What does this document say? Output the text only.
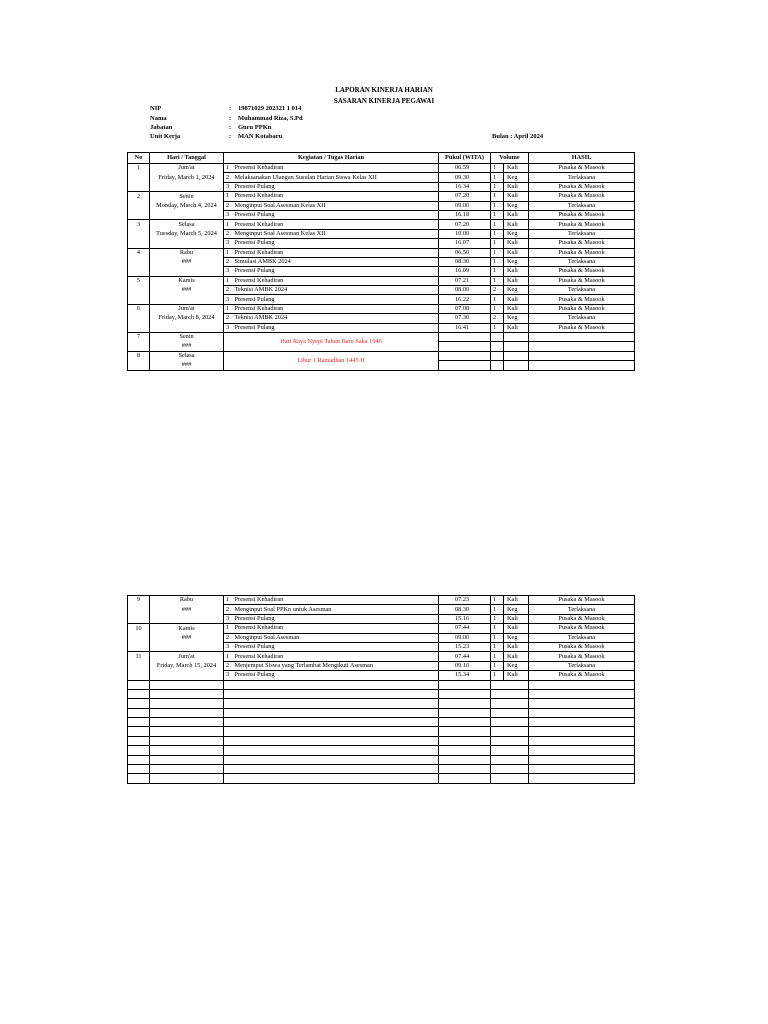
LAPORAN KINERJA HARIAN
SASARAN KINERJA PEGAWAI
NIP	: 19871029 202321 1 014
Nama	: Muhammad Riza, S.Pd
Jabatan	: Guru PPKn
Unit Kerja	: MAN Kotabaru	Bulan : April 2024
No	Hari / Tanggal	Kegiatan / Tugas Harian		Pukul (WITA)	Volume		HASIL
1	Jum'at	1	Presensi Kehadiran	06.59	1	Kali	Pusaka & Masook
	Friday, March 1, 2024	2	Melaksanakan Ulangan Susulan Harian Siswa Kelas XII	09.30	1	Keg	Terlaksana
		3	Presensi Pulang	16.34	1	Kali	Pusaka & Masook
2	Senin	1	Presensi Kehadiran	07.20	1	Kali	Pusaka & Masook
	Monday, March 4, 2024	2	Menginput Soal Asesman Kelas XII	09.00	1	Keg	Terlaksana
		3	Presensi Pulang	16.18	1	Kali	Pusaka & Masook
3	Selasa	1	Presensi Kehadiran	07.20	1	Kali	Pusaka & Masook
	Tuesday, March 5, 2024	2	Menginput Soal Asesman Kelas XII	10.00	1	Keg	Terlaksana
		3	Presensi Pulang	16.07	1	Kali	Pusaka & Masook
4	Rabu	1	Presensi Kehadiran	06.50	1	Kali	Pusaka & Masook
	###	2	Simulasi AMBK 2024	08.30	1	Keg	Terlaksana
		3	Presensi Pulang	16.09	1	Kali	Pusaka & Masook
5	Kamis	1	Presensi Kehadiran	07.21	1	Kali	Pusaka & Masook
	###	2	Teknisi AMBK 2024	08.00	2	Keg	Terlaksana
		3	Presensi Pulang	16.22	1	Kali	Pusaka & Masook
6	Jum'at	1	Presensi Kehadiran	07.08	1	Kali	Pusaka & Masook
	Friday, March 8, 2024	2	Teknisi AMBK 2024	07.30	2	Keg	Terlaksana
		3	Presensi Pulang	16.41	1	Kali	Pusaka & Masook
7	Senin	Hari Raya Nyepi Tahun Baru Saka 1946					
	###						
8	Selasa	Libur 1 Ramadhan 1445 H					
	###						
9	Rabu	1	Presensi Kehadiran	07.23	1	Kali	Pusaka & Masook
	###	2	Menginput Soal PPKn untuk Asesman	08.30	1	Keg	Terlaksana
		3	Presensi Pulang	15.16	1	Kali	Pusaka & Masook
10	Kamis	1	Presensi Kehadiran	07.44	1	Kali	Pusaka & Masook
	###	2	Menginput Soal Asesman	09.00	1	Keg	Terlaksana
		3	Presensi Pulang	15.23	1	Kali	Pusaka & Masook
11	Jum'at	1	Presensi Kehadiran	07.44	1	Kali	Pusaka & Masook
	Friday, March 15, 2024	2	Menjemput Siswa yang Terlambat Mengikuti Asesman	09.10	1	Keg	Terlaksana
		3	Presensi Pulang	15.34	1	Kali	Pusaka & Masook
